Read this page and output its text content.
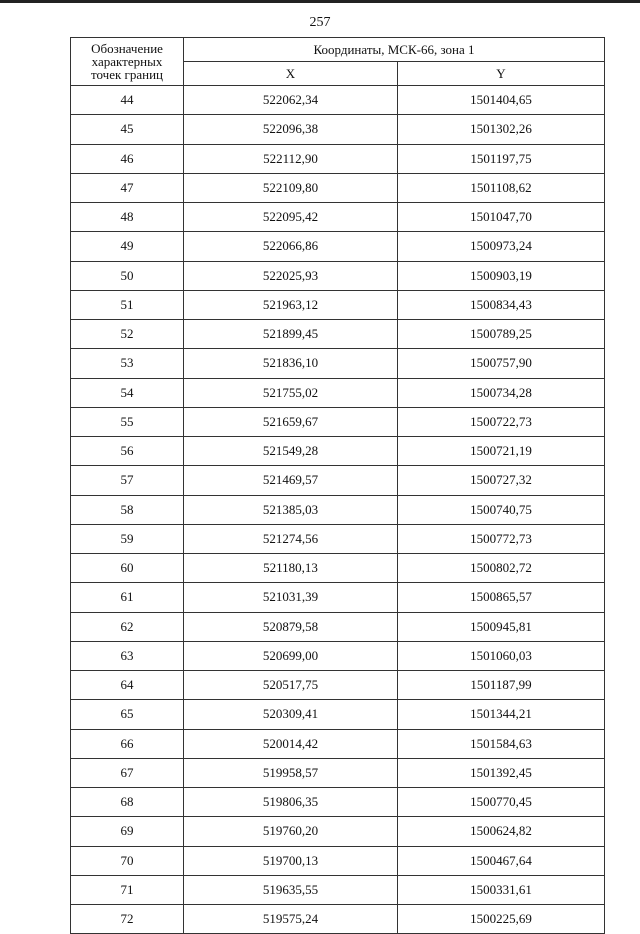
257
Обозначение
характерных
точек границ	Координаты, МСК-66, зона 1	
	X	Y
44	522062,34	1501404,65
45	522096,38	1501302,26
46	522112,90	1501197,75
47	522109,80	1501108,62
48	522095,42	1501047,70
49	522066,86	1500973,24
50	522025,93	1500903,19
51	521963,12	1500834,43
52	521899,45	1500789,25
53	521836,10	1500757,90
54	521755,02	1500734,28
55	521659,67	1500722,73
56	521549,28	1500721,19
57	521469,57	1500727,32
58	521385,03	1500740,75
59	521274,56	1500772,73
60	521180,13	1500802,72
61	521031,39	1500865,57
62	520879,58	1500945,81
63	520699,00	1501060,03
64	520517,75	1501187,99
65	520309,41	1501344,21
66	520014,42	1501584,63
67	519958,57	1501392,45
68	519806,35	1500770,45
69	519760,20	1500624,82
70	519700,13	1500467,64
71	519635,55	1500331,61
72	519575,24	1500225,69
